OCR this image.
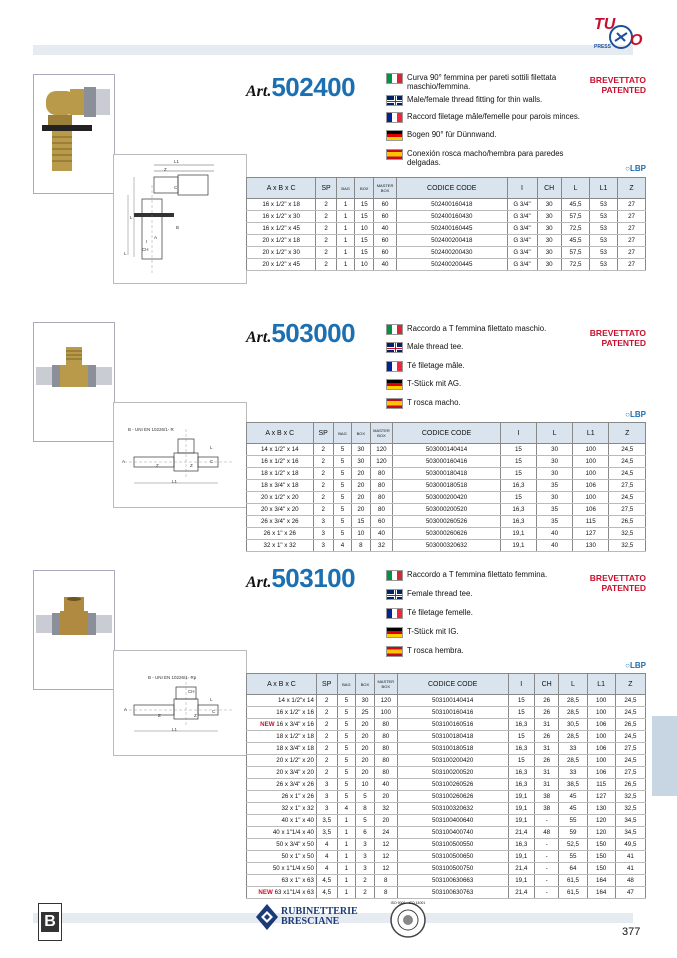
TU
O
PRESS
L1
Z
C
L
B
A
I
CH
L
Art.502400	Curva 90° femmina per pareti sottili filettata maschio/femmina.
Male/female thread fitting for thin walls.
Raccord filetage mâle/femelle pour parois minces.
Bogen 90° für Dünnwand.
Conexión rosca macho/hembra para paredes delgadas.
BREVETTATO
PATENTED
○LBP
A x B x C	SP	BAG	BOX	MASTER BOX	CODICE CODE	I	CH	L	L1	Z
16 x 1/2" x 18	2	1	15	60	502400160418	G 3/4"	30	45,5	53	27
16 x 1/2" x 30	2	1	15	60	502400160430	G 3/4"	30	57,5	53	27
16 x 1/2" x 45	2	1	10	40	502400160445	G 3/4"	30	72,5	53	27
20 x 1/2" x 18	2	1	15	60	502400200418	G 3/4"	30	45,5	53	27
20 x 1/2" x 30	2	1	15	60	502400200430	G 3/4"	30	57,5	53	27
20 x 1/2" x 45	2	1	10	40	502400200445	G 3/4"	30	72,5	53	27
B - UNI EN 10226/1- R
L
A
Z	Z
C
L1
Art.503000	Raccordo a T femmina filettato maschio.
Male thread tee.
Té filetage mâle.
T-Stück mit AG.
T rosca macho.
BREVETTATO
PATENTED
○LBP
A x B x C	SP	BAG	BOX	MASTER BOX	CODICE CODE	I	L	L1	Z
14 x 1/2" x 14	2	5	30	120	503000140414	15	30	100	24,5
16 x 1/2" x 16	2	5	30	120	503000160416	15	30	100	24,5
18 x 1/2" x 18	2	5	20	80	503000180418	15	30	100	24,5
18 x 3/4" x 18	2	5	20	80	503000180518	16,3	35	106	27,5
20 x 1/2" x 20	2	5	20	80	503000200420	15	30	100	24,5
20 x 3/4" x 20	2	5	20	80	503000200520	16,3	35	106	27,5
26 x 3/4" x 26	3	5	15	60	503000260526	16,3	35	115	26,5
26 x 1" x 26	3	5	10	40	503000260626	19,1	40	127	32,5
32 x 1" x 32	3	4	8	32	503000320632	19,1	40	130	32,5
B - UNI EN 10226/1- Rp
CH
L
A
Z	Z
C
L1
Art.503100	Raccordo a T femmina filettato femmina.
Female thread tee.
Té filetage femelle.
T-Stück mit IG.
T rosca hembra.
BREVETTATO
PATENTED
○LBP
A x B x C	SP	BAG	BOX	MASTER BOX	CODICE CODE	I	CH	L	L1	Z
14 x 1/2"x 14	2	5	30	120	503100140414	15	26	28,5	100	24,5
16 x 1/2" x 16	2	5	25	100	503100160416	15	26	28,5	100	24,5
NEW 16 x 3/4" x 16	2	5	20	80	503100160516	16,3	31	30,5	106	26,5
18 x 1/2" x 18	2	5	20	80	503100180418	15	26	28,5	100	24,5
18 x 3/4" x 18	2	5	20	80	503100180518	16,3	31	33	106	27,5
20 x 1/2" x 20	2	5	20	80	503100200420	15	26	28,5	100	24,5
20 x 3/4" x 20	2	5	20	80	503100200520	16,3	31	33	106	27,5
26 x 3/4" x 26	3	5	10	40	503100260526	16,3	31	38,5	115	26,5
26 x 1" x 26	3	5	5	20	503100260626	19,1	38	45	127	32,5
32 x 1" x 32	3	4	8	32	503100320632	19,1	38	45	130	32,5
40 x 1" x 40	3,5	1	5	20	503100400640	19,1	-	55	120	34,5
40 x 1"1/4 x 40	3,5	1	6	24	503100400740	21,4	48	59	120	34,5
50 x 3/4" x 50	4	1	3	12	503100500550	16,3	-	52,5	150	49,5
50 x 1" x 50	4	1	3	12	503100500650	19,1	-	55	150	41
50 x 1"1/4 x 50	4	1	3	12	503100500750	21,4	-	64	150	41
63 x 1" x 63	4,5	1	2	8	503100630663	19,1	-	61,5	164	48
NEW 63 x1"1/4 x 63	4,5	1	2	8	503100630763	21,4	-	61,5	164	47
B
RUBINETTERIE
BRESCIANE
ISO 9001 - ISO 14001
377
